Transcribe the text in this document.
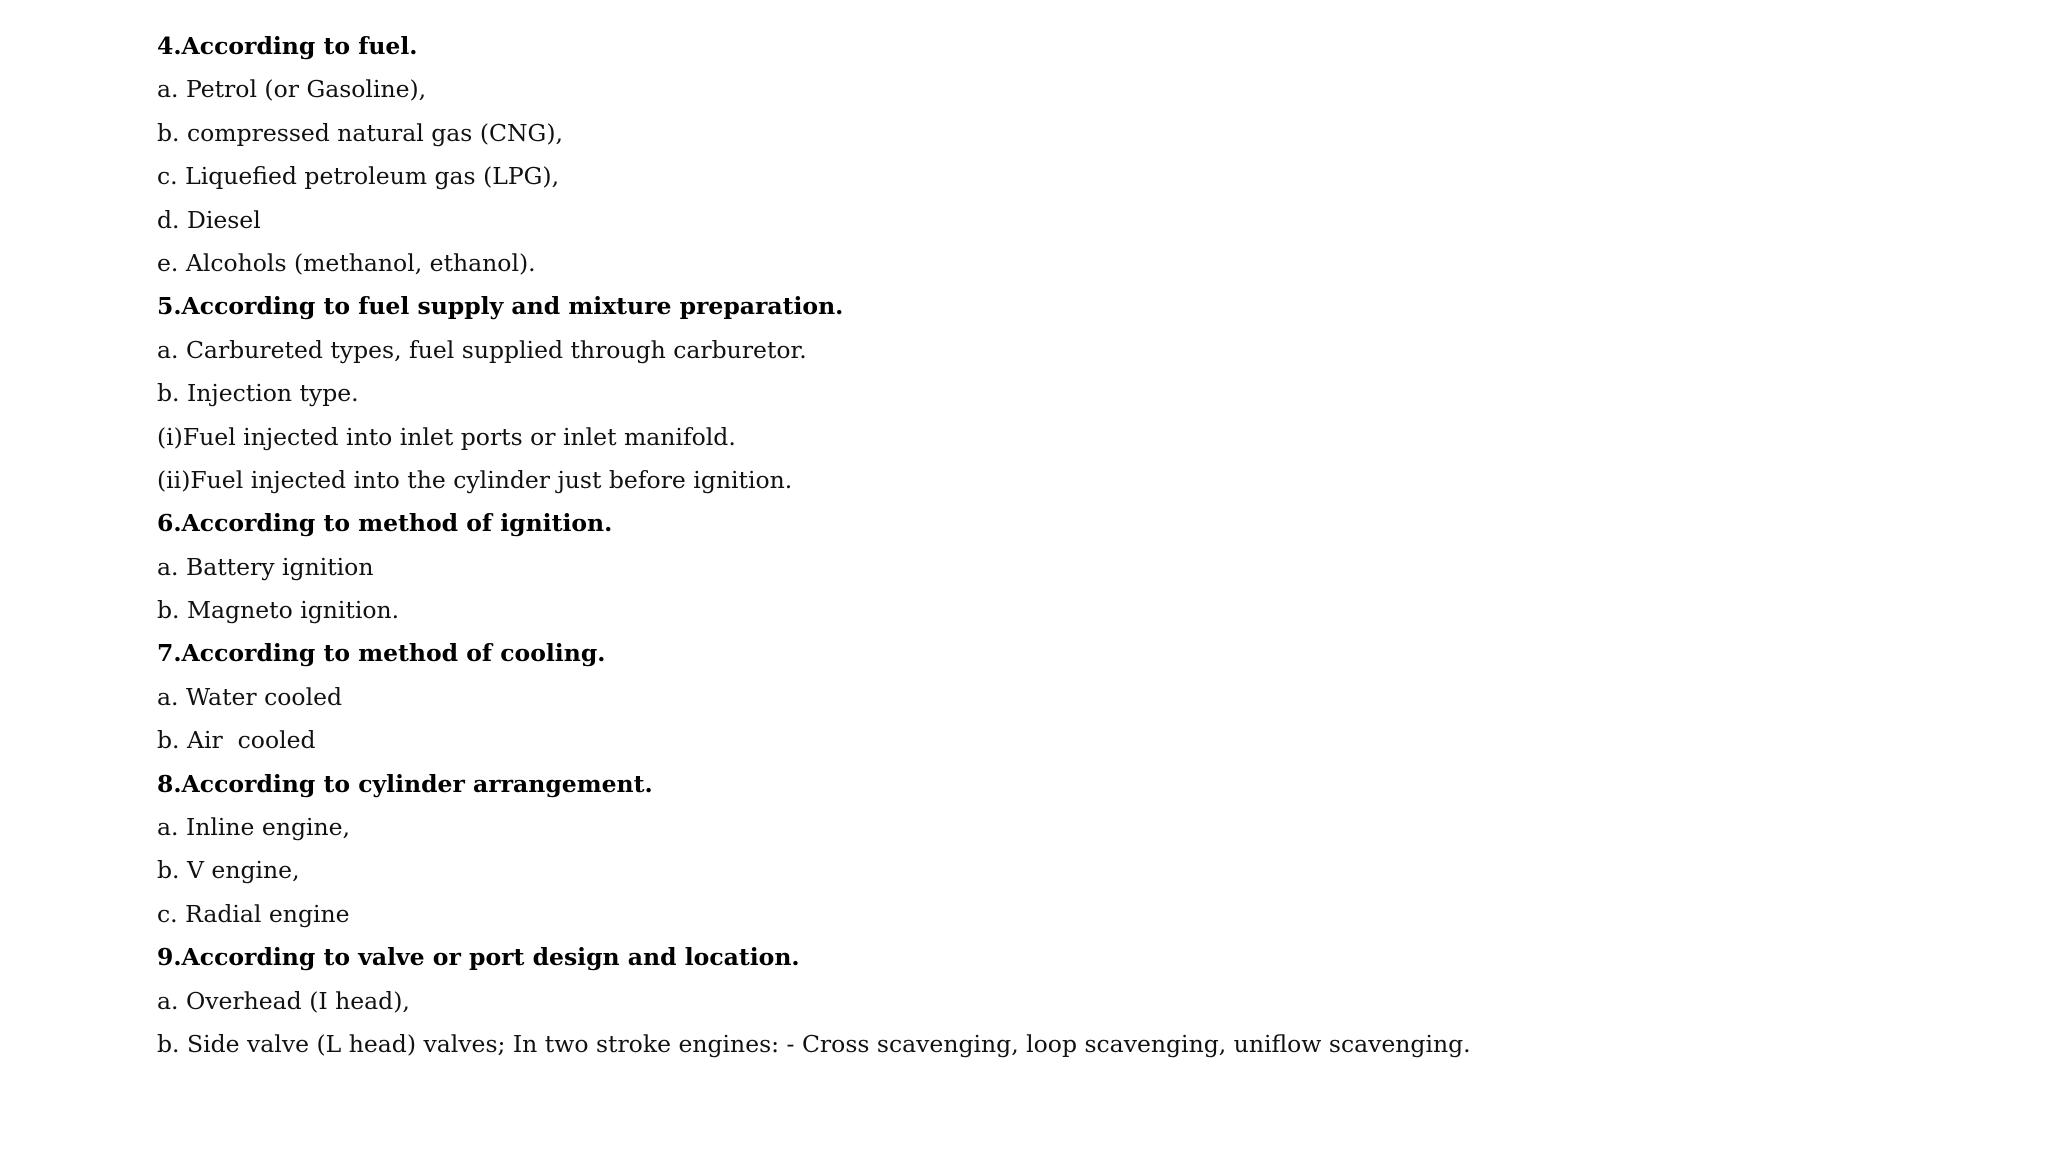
4.According to fuel.
a. Petrol (or Gasoline),
b. compressed natural gas (CNG),
c. Liquefied petroleum gas (LPG),
d. Diesel
e. Alcohols (methanol, ethanol).
5.According to fuel supply and mixture preparation.
a. Carbureted types, fuel supplied through carburetor.
b. Injection type.
(i)Fuel injected into inlet ports or inlet manifold.
(ii)Fuel injected into the cylinder just before ignition.
6.According to method of ignition.
a. Battery ignition
b. Magneto ignition.
7.According to method of cooling.
a. Water cooled
b. Air  cooled
8.According to cylinder arrangement.
a. Inline engine,
b. V engine,
c. Radial engine
9.According to valve or port design and location.
a. Overhead (I head),
b. Side valve (L head) valves; In two stroke engines: - Cross scavenging, loop scavenging, uniflow scavenging.
